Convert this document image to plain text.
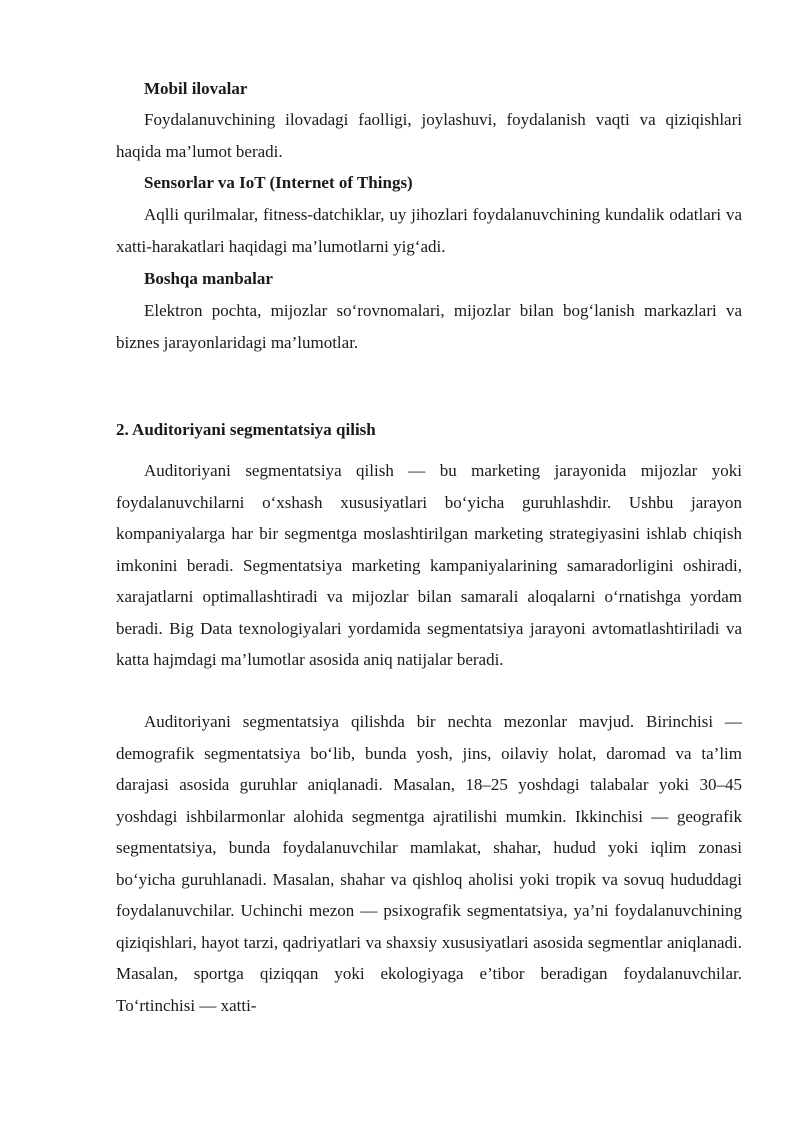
Mobil ilovalar
Foydalanuvchining ilovadagi faolligi, joylashuvi, foydalanish vaqti va qiziqishlari haqida ma’lumot beradi.
Sensorlar va IoT (Internet of Things)
Aqlli qurilmalar, fitness-datchiklar, uy jihozlari foydalanuvchining kundalik odatlari va xatti-harakatlari haqidagi ma’lumotlarni yig‘adi.
Boshqa manbalar
Elektron pochta, mijozlar so‘rovnomalari, mijozlar bilan bog‘lanish markazlari va biznes jarayonlaridagi ma’lumotlar.
2. Auditoriyani segmentatsiya qilish
Auditoriyani segmentatsiya qilish — bu marketing jarayonida mijozlar yoki foydalanuvchilarni o‘xshash xususiyatlari bo‘yicha guruhlashdir. Ushbu jarayon kompaniyalarga har bir segmentga moslashtirilgan marketing strategiyasini ishlab chiqish imkonini beradi. Segmentatsiya marketing kampaniyalarining samaradorligini oshiradi, xarajatlarni optimallashtiradi va mijozlar bilan samarali aloqalarni o‘rnatishga yordam beradi. Big Data texnologiyalari yordamida segmentatsiya jarayoni avtomatlashtiriladi va katta hajmdagi ma’lumotlar asosida aniq natijalar beradi.
Auditoriyani segmentatsiya qilishda bir nechta mezonlar mavjud. Birinchisi — demografik segmentatsiya bo‘lib, bunda yosh, jins, oilaviy holat, daromad va ta’lim darajasi asosida guruhlar aniqlanadi. Masalan, 18–25 yoshdagi talabalar yoki 30–45 yoshdagi ishbilarmonlar alohida segmentga ajratilishi mumkin. Ikkinchisi — geografik segmentatsiya, bunda foydalanuvchilar mamlakat, shahar, hudud yoki iqlim zonasi bo‘yicha guruhlanadi. Masalan, shahar va qishloq aholisi yoki tropik va sovuq hududdagi foydalanuvchilar. Uchinchi mezon — psixografik segmentatsiya, ya’ni foydalanuvchining qiziqishlari, hayot tarzi, qadriyatlari va shaxsiy xususiyatlari asosida segmentlar aniqlanadi. Masalan, sportga qiziqqan yoki ekologiyaga e’tibor beradigan foydalanuvchilar. To‘rtinchisi — xatti-
